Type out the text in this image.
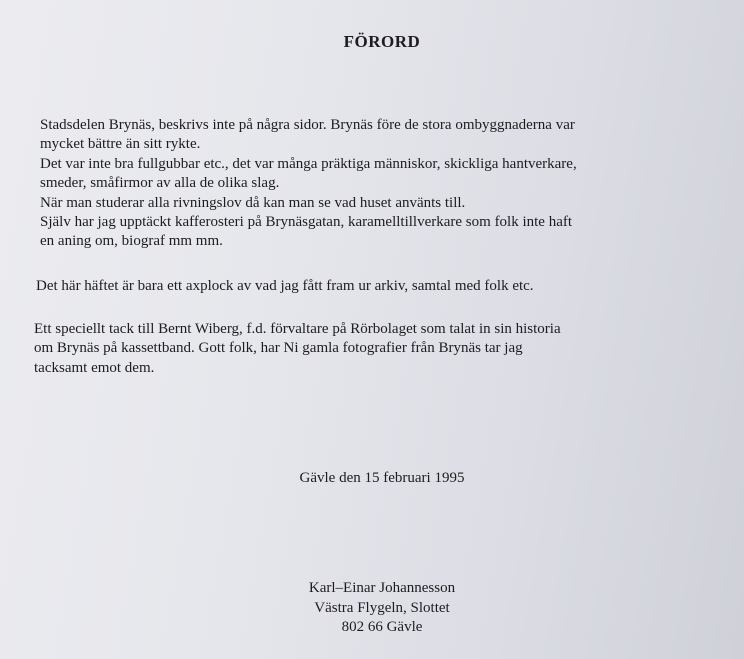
FÖRORD

Stadsdelen Brynäs, beskrivs inte på några sidor. Brynäs före de stora ombyggnaderna var
mycket bättre än sitt rykte.
Det var inte bra fullgubbar etc., det var många präktiga människor, skickliga hantverkare,
smeder, småfirmor av alla de olika slag.
När man studerar alla rivningslov då kan man se vad huset använts till.
Själv har jag upptäckt kafferosteri på Brynäsgatan, karamelltillverkare som folk inte haft
en aning om, biograf mm mm.

Det här häftet är bara ett axplock av vad jag fått fram ur arkiv, samtal med folk etc.

Ett speciellt tack till Bernt Wiberg, f.d. förvaltare på Rörbolaget som talat in sin historia
om Brynäs på kassettband. Gott folk, har Ni gamla fotografier från Brynäs tar jag
tacksamt emot dem.

Gävle den 15 februari 1995
Karl–Einar Johannesson
Västra Flygeln, Slottet
802 66 Gävle
